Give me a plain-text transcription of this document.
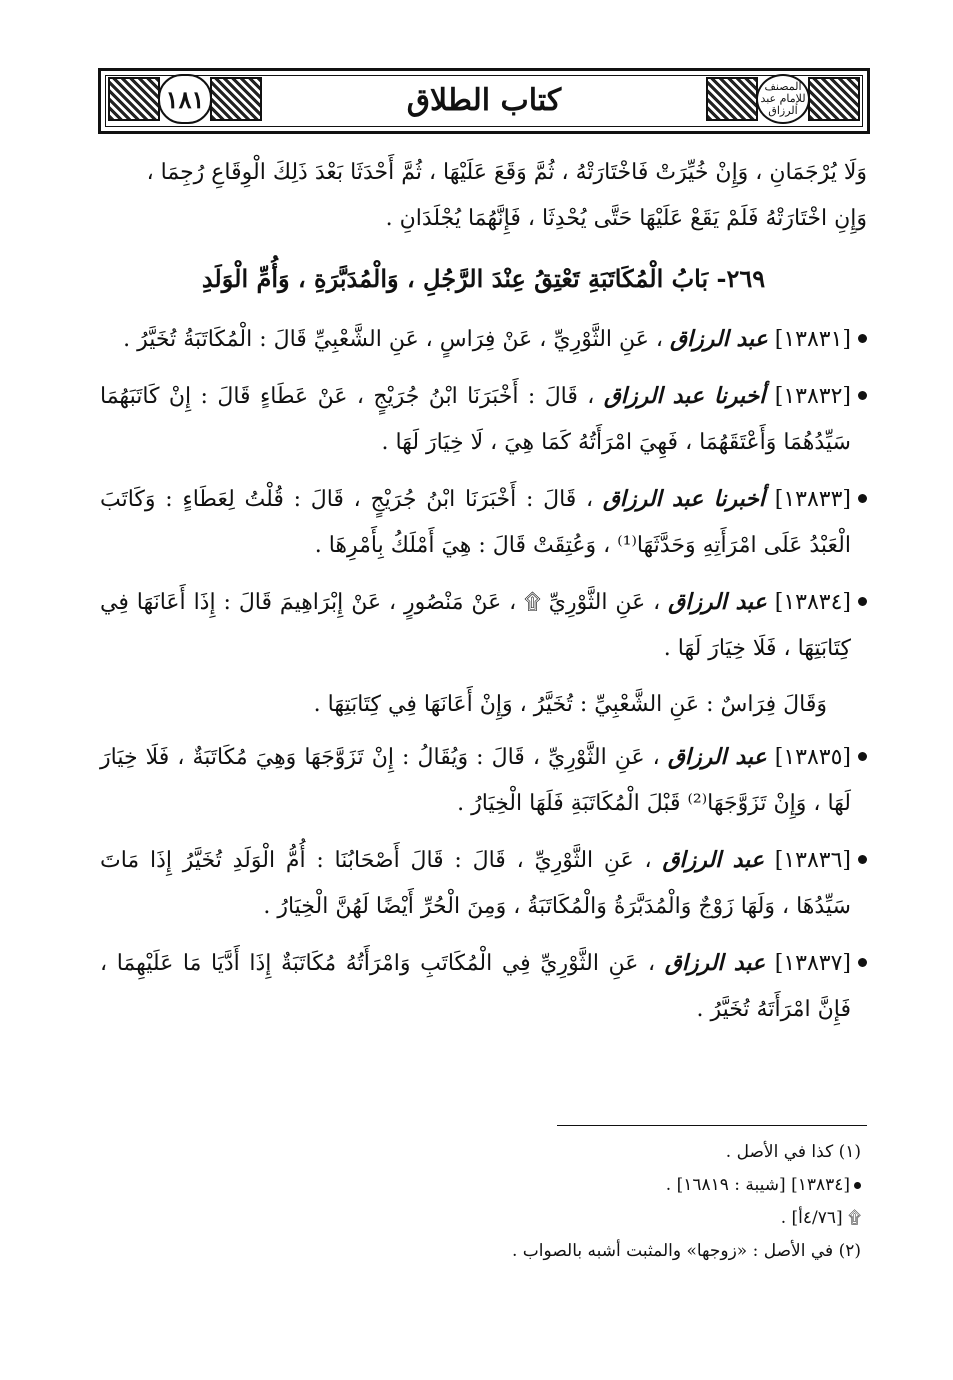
المصنف للإمام عبد الرزاق
١٨١	كتاب الطلاق

وَلَا يُرْجَمَانِ ، وَإِنْ خُيِّرَتْ فَاخْتَارَتْهُ ، ثُمَّ وَقَعَ عَلَيْهَا ، ثُمَّ أَحْدَثَا بَعْدَ ذَلِكَ الْوِقَاعِ رُجِمَا ،

وَإِنِ اخْتَارَتْهُ فَلَمْ يَقَعْ عَلَيْهَا حَتَّى يُحْدِثَا ، فَإِنَّهُمَا يُجْلَدَانِ .

٢٦٩- بَابُ الْمُكَاتَبَةِ تَعْتِقُ عِنْدَ الرَّجُلِ ، وَالْمُدَبَّرَةِ ، وَأُمِّ الْوَلَدِ

[١٣٨٣١] عبد الرزاق ، عَنِ الثَّوْرِيِّ ، عَنْ فِرَاسٍ ، عَنِ الشَّعْبِيِّ قَالَ : الْمُكَاتَبَةُ تُخَيَّرُ .
[١٣٨٣٢] أخبرنا عبد الرزاق ، قَالَ : أَخْبَرَنَا ابْنُ جُرَيْجٍ ، عَنْ عَطَاءٍ قَالَ : إِنْ كَاتَبَهُمَا سَيِّدُهُمَا وَأَعْتَقَهُمَا ، فَهِيَ امْرَأَتُهُ كَمَا هِيَ ، لَا خِيَارَ لَهَا .
[١٣٨٣٣] أخبرنا عبد الرزاق ، قَالَ : أَخْبَرَنَا ابْنُ جُرَيْجٍ ، قَالَ : قُلْتُ لِعَطَاءٍ : وَكَاتَبَ الْعَبْدُ عَلَى امْرَأَتِهِ وَحَدَّثَهَا⁽¹⁾ ، وَعُتِقَتْ قَالَ : هِيَ أَمْلَكُ بِأَمْرِهَا .
[١٣٨٣٤] عبد الرزاق ، عَنِ الثَّوْرِيِّ ۩ ، عَنْ مَنْصُورٍ ، عَنْ إِبْرَاهِيمَ قَالَ : إِذَا أَعَانَهَا فِي كِتَابَتِهَا ، فَلَا خِيَارَ لَهَا .

وَقَالَ فِرَاسٌ : عَنِ الشَّعْبِيِّ : تُخَيَّرُ ، وَإِنْ أَعَانَهَا فِي كِتَابَتِهَا .

[١٣٨٣٥] عبد الرزاق ، عَنِ الثَّوْرِيِّ ، قَالَ : وَيُقَالُ : إِنْ تَزَوَّجَهَا وَهِيَ مُكَاتَبَةٌ ، فَلَا خِيَارَ لَهَا ، وَإِنْ تَزَوَّجَهَا⁽²⁾ قَبْلَ الْمُكَاتَبَةِ فَلَهَا الْخِيَارُ .
[١٣٨٣٦] عبد الرزاق ، عَنِ الثَّوْرِيِّ ، قَالَ : قَالَ أَصْحَابُنَا : أُمُّ الْوَلَدِ تُخَيَّرُ إِذَا مَاتَ سَيِّدُهَا ، وَلَهَا زَوْجٌ وَالْمُدَبَّرَةُ وَالْمُكَاتَبَةُ ، وَمِنَ الْحُرِّ أَيْضًا لَهُنَّ الْخِيَارُ .
[١٣٨٣٧] عبد الرزاق ، عَنِ الثَّوْرِيِّ فِي الْمُكَاتَبِ وَامْرَأَتُهُ مُكَاتَبَةٌ إِذَا أَدَّيَا مَا عَلَيْهِمَا ، فَإِنَّ امْرَأَتَهُ تُخَيَّرُ .

(١) كذا في الأصل .

[١٣٨٣٤] [شيبة : ١٦٨١٩] .

۩ [٤/٧٦أ] .

(٢) في الأصل : «زوجها» والمثبت أشبه بالصواب .
